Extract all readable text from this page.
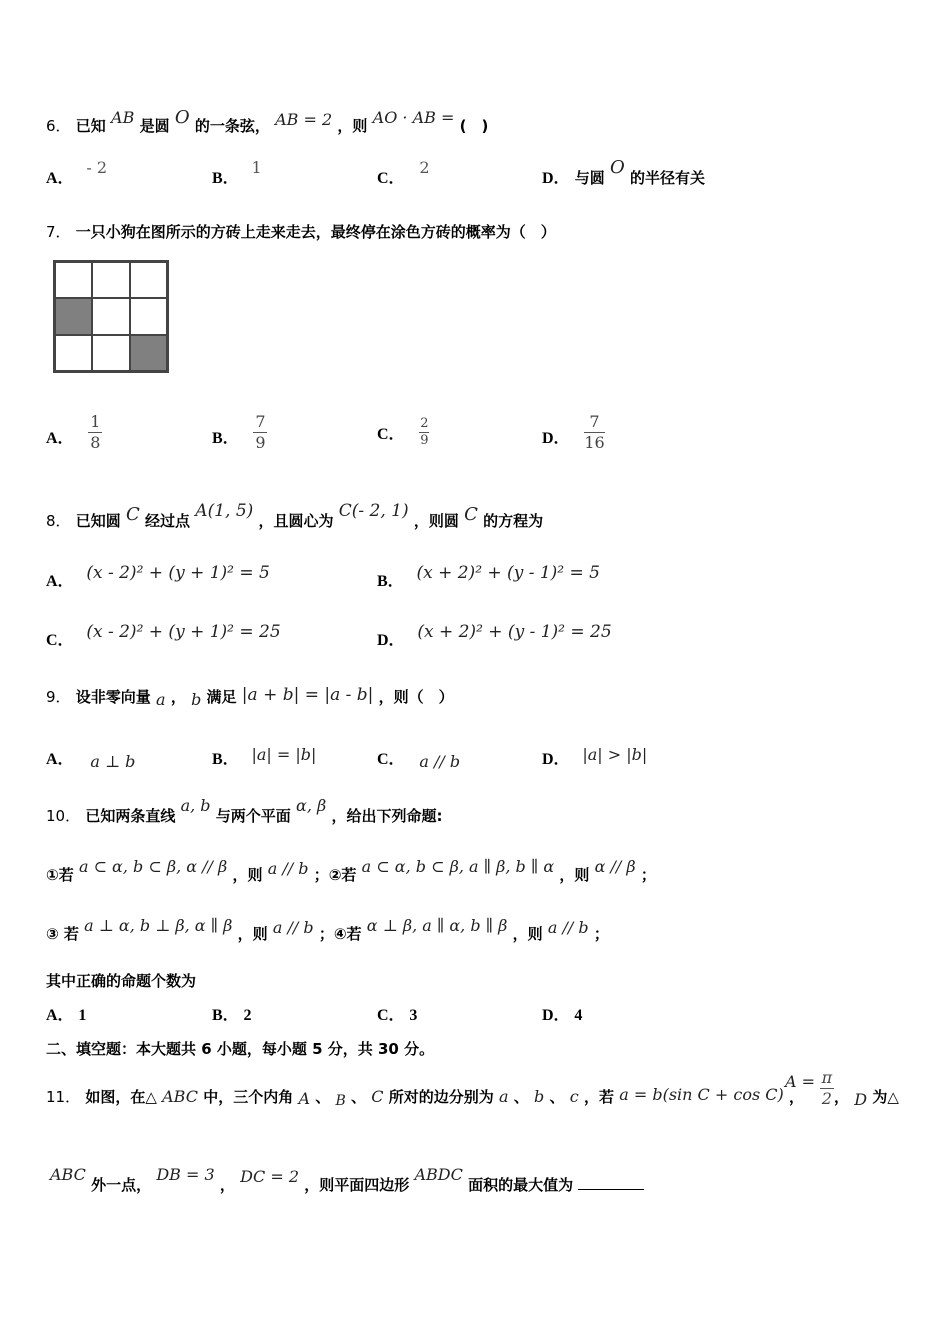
6． 已知 AB 是圆 O 的一条弦， AB = 2 ，则 AO · AB = (　)
A． - 2
B． 1
C． 2
D． 与圆 O 的半径有关
7． 一只小狗在图所示的方砖上走来走去，最终停在涂色方砖的概率为（　）
A． $\frac{1}{8}$	B． $\frac{7}{9}$	C． $\frac{2}{9}$	D． $\frac{7}{16}$
8． 已知圆 C 经过点 A(1, 5) ，且圆心为 C(- 2, 1) ，则圆 C 的方程为
A． (x - 2)² + (y + 1)² = 5	B． (x + 2)² + (y - 1)² = 5
C． (x - 2)² + (y + 1)² = 25	D． (x + 2)² + (y - 1)² = 25
9． 设非零向量 a ， b 满足 |a + b| = |a - b| ，则（　）
A． a ⊥ b	B． |a| = |b|	C． a // b	D． |a| > |b|
10． 已知两条直线 a, b 与两个平面 α, β ，给出下列命题:
①若 a ⊂ α, b ⊂ β, α // β ，则 a // b ；②若 a ⊂ α, b ⊂ β, a ∥ β, b ∥ α ，则 α // β ；
③ 若 a ⊥ α, b ⊥ β, α ∥ β ，则 a // b ；④若 α ⊥ β, a ∥ α, b ∥ β ，则 a // b ；
其中正确的命题个数为
A． 1	B． 2	C． 3	D． 4
二、填空题：本大题共 6 小题，每小题 5 分，共 30 分。
11． 如图，在△ ABC 中，三个内角 A 、 B 、 C 所对的边分别为 a 、 b 、 c ，若 a = b(sin C + cos C) ，
$A = \frac{\pi}{2}$ ， D 为△
ABC 外一点， DB = 3 ， DC = 2 ，则平面四边形 ABDC 面积的最大值为
